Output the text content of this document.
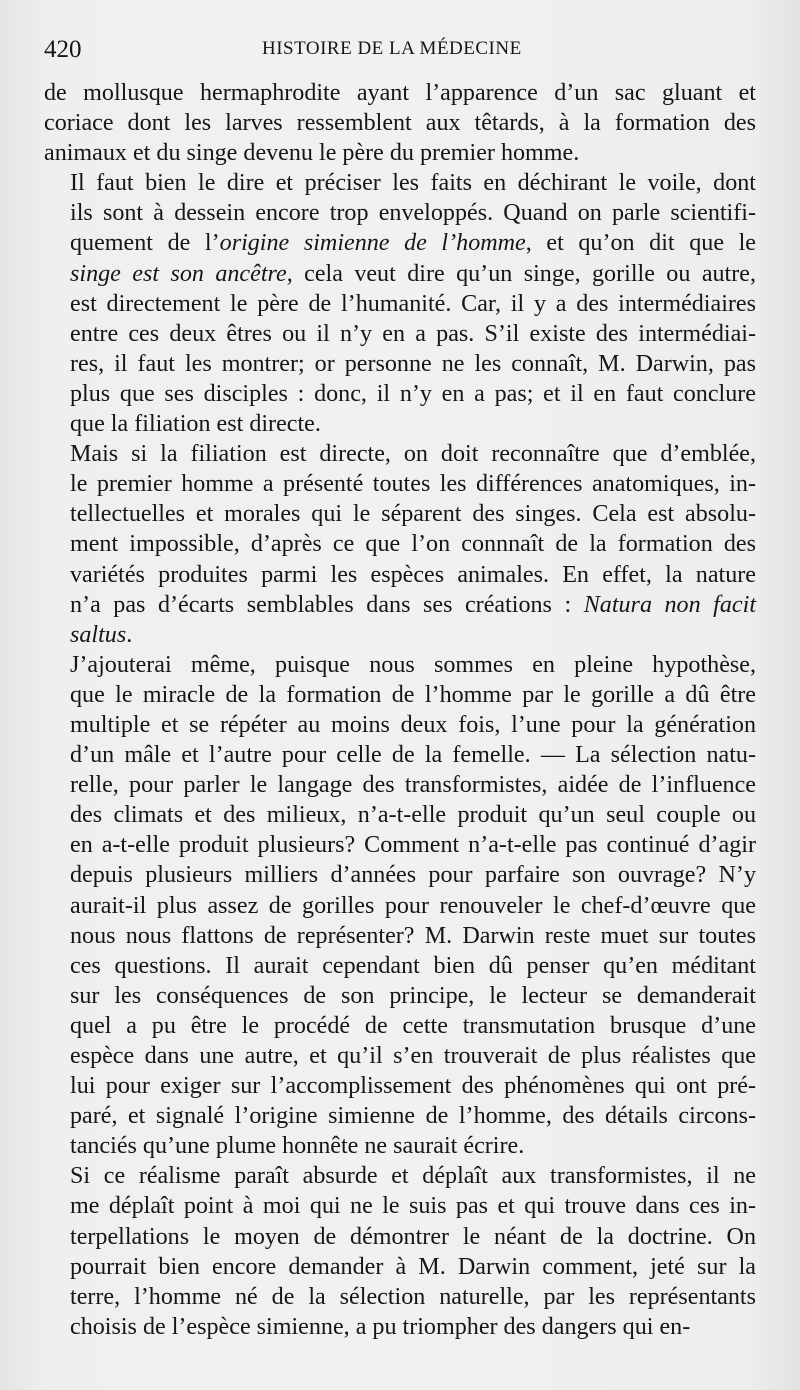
420	HISTOIRE DE LA MÉDECINE

de mollusque hermaphrodite ayant l’apparence d’un sac gluant et
coriace dont les larves ressemblent aux têtards, à la formation des
animaux et du singe devenu le père du premier homme.

Il faut bien le dire et préciser les faits en déchirant le voile, dont
ils sont à dessein encore trop enveloppés. Quand on parle scientifi-
quement de l’origine simienne de l’homme, et qu’on dit que le
singe est son ancêtre, cela veut dire qu’un singe, gorille ou autre,
est directement le père de l’humanité. Car, il y a des intermédiaires
entre ces deux êtres ou il n’y en a pas. S’il existe des intermédiai-
res, il faut les montrer; or personne ne les connaît, M. Darwin, pas
plus que ses disciples : donc, il n’y en a pas; et il en faut conclure
que la filiation est directe.

Mais si la filiation est directe, on doit reconnaître que d’emblée,
le premier homme a présenté toutes les différences anatomiques, in-
tellectuelles et morales qui le séparent des singes. Cela est absolu-
ment impossible, d’après ce que l’on connnaît de la formation des
variétés produites parmi les espèces animales. En effet, la nature
n’a pas d’écarts semblables dans ses créations : Natura non facit
saltus.

J’ajouterai même, puisque nous sommes en pleine hypothèse,
que le miracle de la formation de l’homme par le gorille a dû être
multiple et se répéter au moins deux fois, l’une pour la génération
d’un mâle et l’autre pour celle de la femelle. — La sélection natu-
relle, pour parler le langage des transformistes, aidée de l’influence
des climats et des milieux, n’a-t-elle produit qu’un seul couple ou
en a-t-elle produit plusieurs? Comment n’a-t-elle pas continué d’agir
depuis plusieurs milliers d’années pour parfaire son ouvrage? N’y
aurait-il plus assez de gorilles pour renouveler le chef-d’œuvre que
nous nous flattons de représenter? M. Darwin reste muet sur toutes
ces questions. Il aurait cependant bien dû penser qu’en méditant
sur les conséquences de son principe, le lecteur se demanderait
quel a pu être le procédé de cette transmutation brusque d’une
espèce dans une autre, et qu’il s’en trouverait de plus réalistes que
lui pour exiger sur l’accomplissement des phénomènes qui ont pré-
paré, et signalé l’origine simienne de l’homme, des détails circons-
tanciés qu’une plume honnête ne saurait écrire.

Si ce réalisme paraît absurde et déplaît aux transformistes, il ne
me déplaît point à moi qui ne le suis pas et qui trouve dans ces in-
terpellations le moyen de démontrer le néant de la doctrine. On
pourrait bien encore demander à M. Darwin comment, jeté sur la
terre, l’homme né de la sélection naturelle, par les représentants
choisis de l’espèce simienne, a pu triompher des dangers qui en-
